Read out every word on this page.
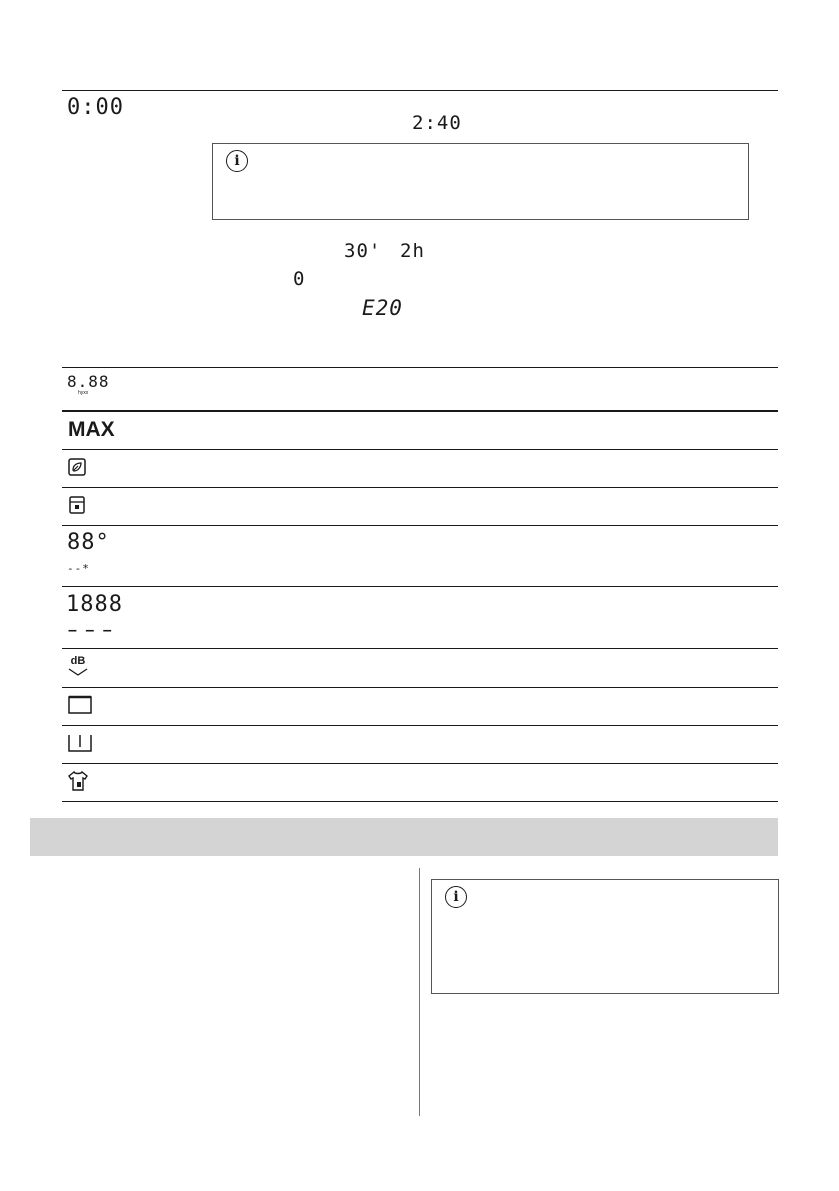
0:00
2:40
i
30' 2h
0
E20
8.88
hyxx
MAX
88°
--*
1888
– – –
dB
i
